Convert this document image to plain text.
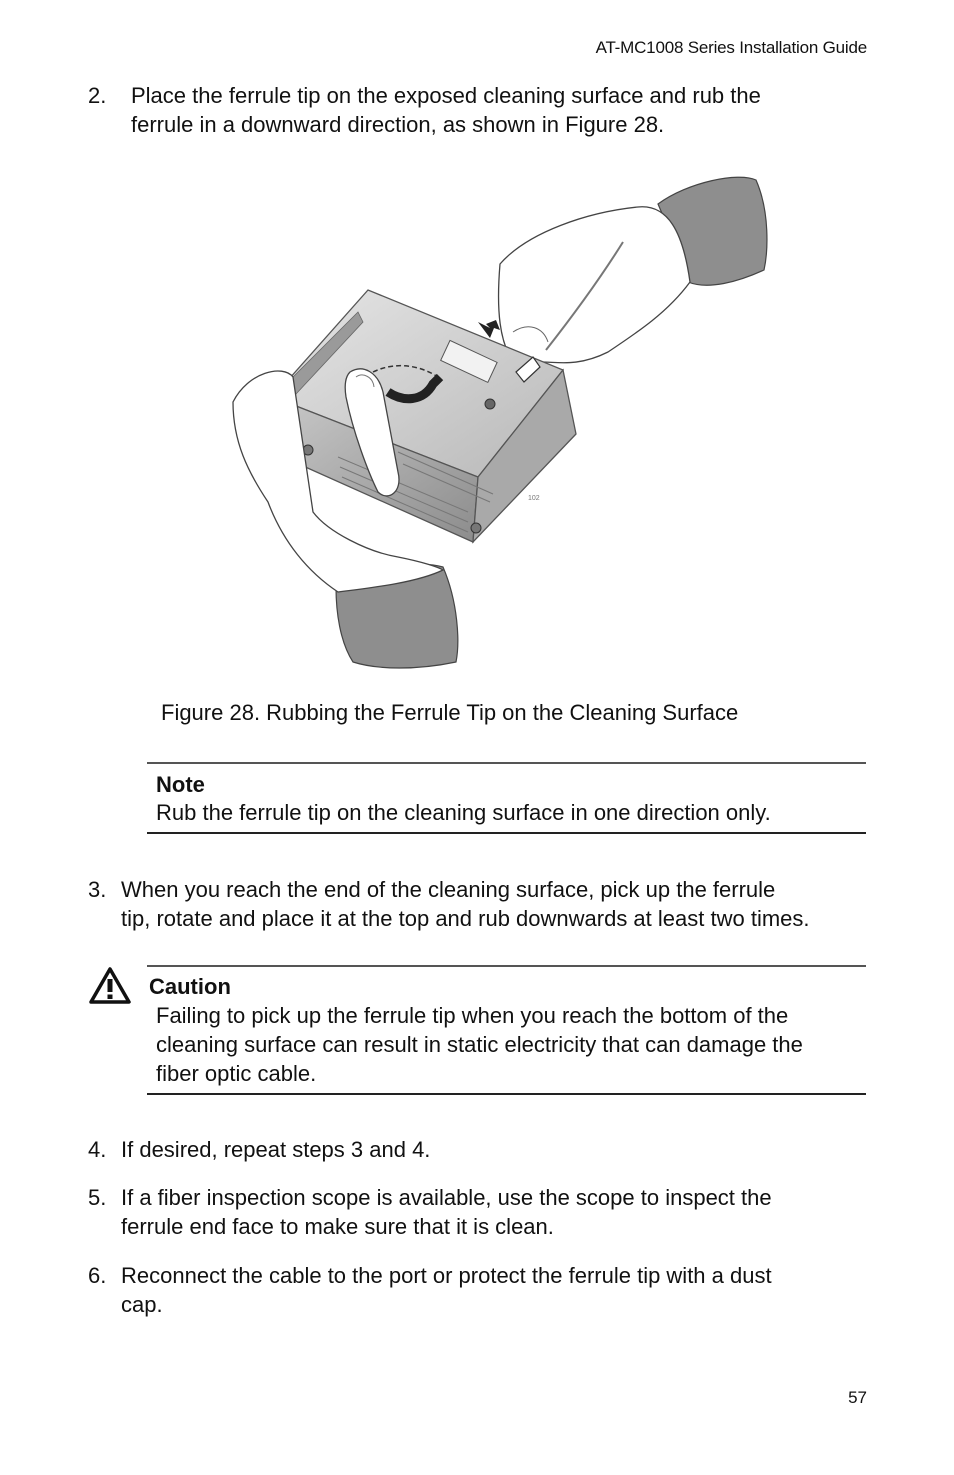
AT-MC1008 Series Installation Guide
2. Place the ferrule tip on the exposed cleaning surface and rub the
ferrule in a downward direction, as shown in Figure 28.
102
Figure 28. Rubbing the Ferrule Tip on the Cleaning Surface
Note
Rub the ferrule tip on the cleaning surface in one direction only.
3. When you reach the end of the cleaning surface, pick up the ferrule
tip, rotate and place it at the top and rub downwards at least two times.
Caution
Failing to pick up the ferrule tip when you reach the bottom of the
cleaning surface can result in static electricity that can damage the
fiber optic cable.
4. If desired, repeat steps 3 and 4.
5. If a fiber inspection scope is available, use the scope to inspect the
ferrule end face to make sure that it is clean.
6. Reconnect the cable to the port or protect the ferrule tip with a dust
cap.
57
